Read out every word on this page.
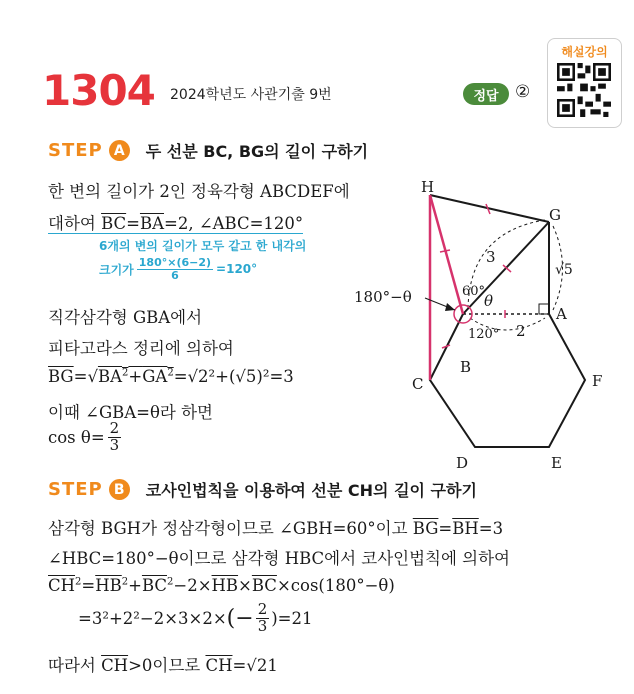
1304 2024학년도 사관기출 9번	정답 ②
해설강의
STEP A	두 선분 BC, BG의 길이 구하기
한 변의 길이가 2인 정육각형 ABCDEF에
대하여 $\overline{BC}=\overline{BA}=2$, ∠ABC=120°
6개의 변의 길이가 모두 같고 한 내각의
크기가 $\frac{180^\circ\times(6-2)}{6} =120^\circ$
직각삼각형 GBA에서
피타고라스 정리에 의하여
$\overline{BG}=√BA^2+GA^2=√2^2+(√5)^2=3$
이때 ∠GBA=θ라 하면
$\cos \theta= \frac{2}{3}$
H
G
A
B
C
D	E
F
3
2
√5
60°
θ
120°
180°−θ
STEP B	코사인법칙을 이용하여 선분 CH의 길이 구하기
삼각형 BGH가 정삼각형이므로 ∠GBH=60°이고 $\overline{BG}=\overline{BH}=3$
∠HBC=180°−θ이므로 삼각형 HBC에서 코사인법칙에 의하여
$\overline{CH}^2=\overline{HB}^2+\overline{BC}^2-2\times\overline{HB}\times\overline{BC}\times\cos(180^\circ-\theta)$
=3²+2²−2×3×2× (− $\frac{2}{3} )=21$
따라서 $\overline{CH}>0$이므로 $\overline{CH}=√21$
